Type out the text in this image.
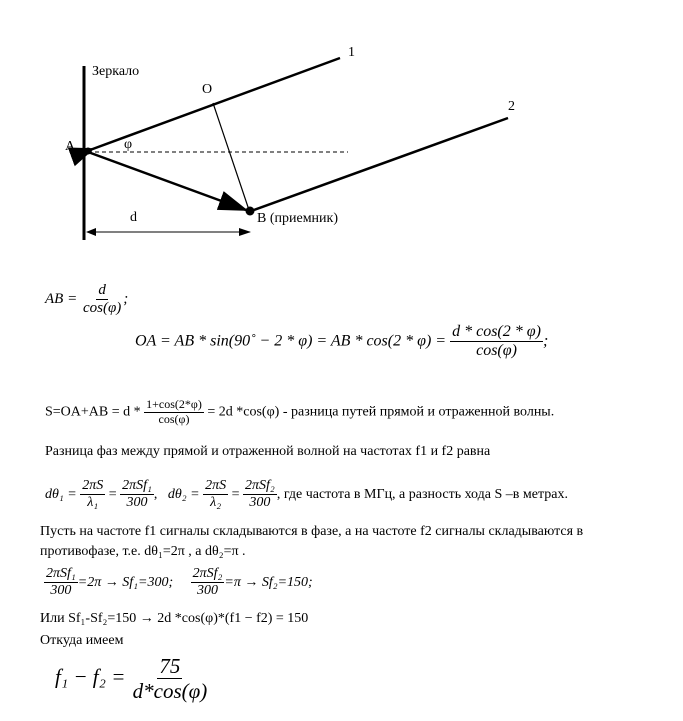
Зеркало
O
A	φ
1
2
B (приемник)
d
AB = $\frac{d}{\cos(\varphi)}$ ;
OA = AB * sin(90˚ − 2 * φ) = AB * $\cos(2 * \varphi) = \frac{d * \cos(2 * \varphi)}{\cos(\varphi)}$ ;
$S=OA+AB = d * \frac{1+\cos(2*\varphi)}{\cos(\varphi)} = 2d$ *cos(φ) - разница путей прямой и отраженной волны.
Разница фаз между прямой и отраженной волной на частотах f1 и f2 равна
$d\theta_1 = \frac{2\pi S}{\text{λ₁}} = \frac{\text{2πSf₁}}{300}$ , $d\theta_2 = \frac{2\pi S}{\text{λ₂}} = \frac{\text{2πSf₂}}{300}$ , где частота в МГц, а разность хода S –в метрах.
Пусть на частоте f1 сигналы складываются в фазе, а на частоте f2 сигналы складываются в
противофазе, т.е. dθ₁=2π , а dθ₂=π .
$\frac{\text{2πSf₁}}{300} =2\pi \to Sf_1=300$; $\frac{\text{2πSf₂}}{300} =\pi \to Sf_2=150$;
Или Sf₁-Sf₂=150 → 2d *cos(φ)*(f1 − f2) = 150
Откуда имеем
$f_1 - f_2 = \frac{75}{d*\cos(\varphi)}$
